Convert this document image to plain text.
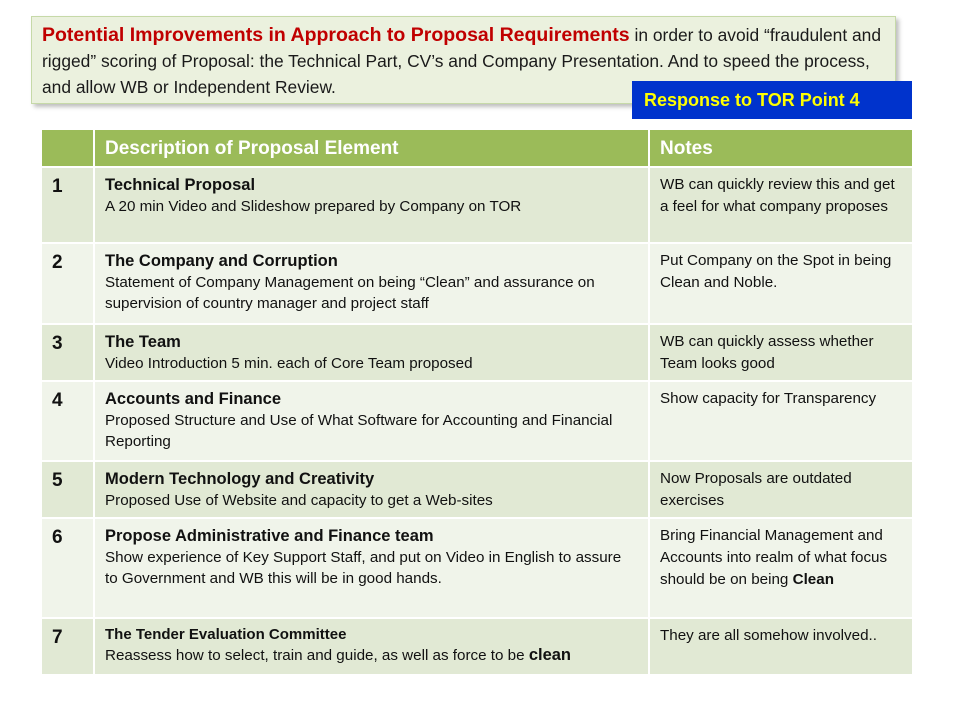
Potential Improvements in Approach to Proposal Requirements in order to avoid “fraudulent and rigged” scoring of Proposal: the Technical Part, CV’s and Company Presentation. And to speed the process, and allow WB or Independent Review.
Response to TOR Point 4
	Description of Proposal Element	Notes
1	Technical Proposal
A 20 min Video and Slideshow prepared by Company on TOR	WB can quickly review this and get a feel for what company proposes
2	The Company and Corruption
Statement of Company Management on being “Clean” and assurance on supervision of country manager and project staff	Put Company on the Spot in being Clean and Noble.
3	The Team
Video Introduction 5 min. each of Core Team proposed	WB can quickly assess whether Team looks good
4	Accounts and Finance
Proposed Structure and Use of What Software for Accounting and Financial Reporting	Show capacity for Transparency
5	Modern Technology and Creativity
Proposed Use of Website and capacity to get a Web-sites	Now Proposals are outdated exercises
6	Propose Administrative and Finance team
Show experience of Key Support Staff, and put on Video in English to assure to Government and WB this will be in good hands.	Bring Financial Management and Accounts into realm of what focus should be on being Clean
7	The Tender Evaluation Committee
Reassess how to select, train and guide, as well as force to be clean	They are all somehow involved..
